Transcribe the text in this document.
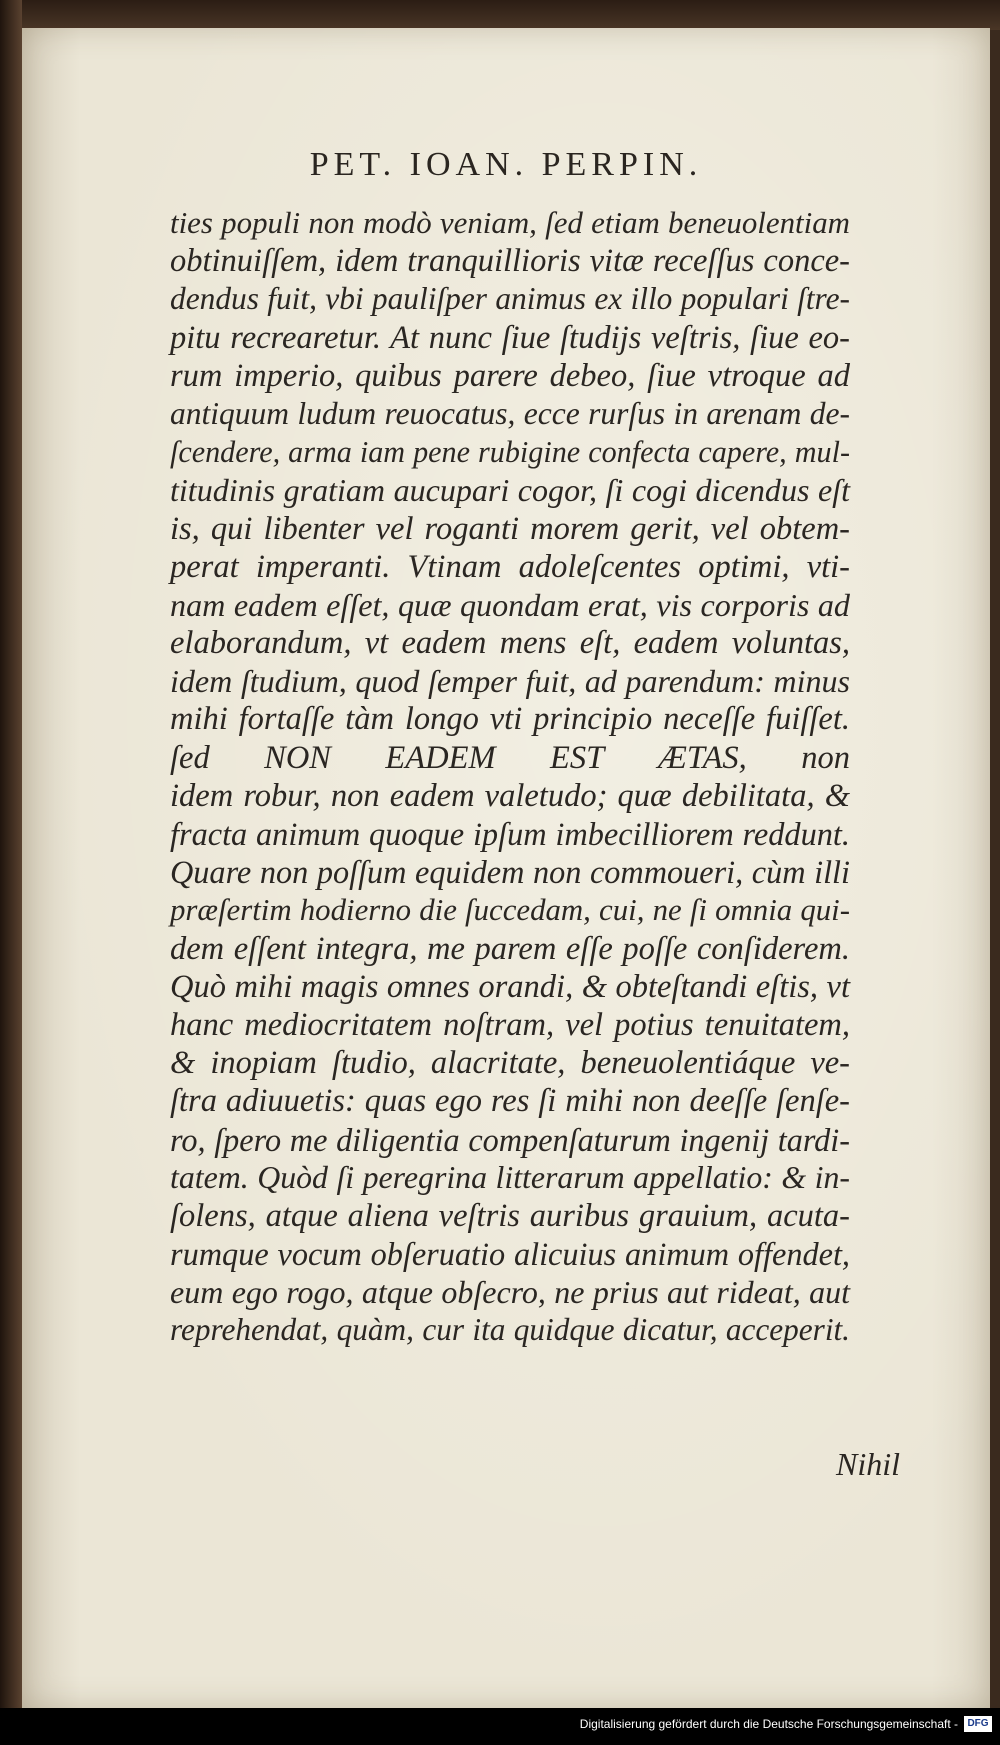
PET. IOAN. PERPIN.
ties populi non modò veniam, ſed etiam beneuolentiam
obtinuiſſem, idem tranquillioris vitæ receſſus conce-
dendus fuit, vbi pauliſper animus ex illo populari ſtre-
pitu recrearetur. At nunc ſiue ſtudijs veſtris, ſiue eo-
rum imperio, quibus parere debeo, ſiue vtroque ad
antiquum ludum reuocatus, ecce rurſus in arenam de-
ſcendere, arma iam pene rubigine confecta capere, mul-
titudinis gratiam aucupari cogor, ſi cogi dicendus eſt
is, qui libenter vel roganti morem gerit, vel obtem-
perat imperanti. Vtinam adoleſcentes optimi, vti-
nam eadem eſſet, quæ quondam erat, vis corporis ad
elaborandum, vt eadem mens eſt, eadem voluntas,
idem ſtudium, quod ſemper fuit, ad parendum: minus
mihi fortaſſe tàm longo vti principio neceſſe fuiſſet.
ſed NON EADEM EST ÆTAS, non
idem robur, non eadem valetudo; quæ debilitata, &
fracta animum quoque ipſum imbecilliorem reddunt.
Quare non poſſum equidem non commoueri, cùm illi
præſertim hodierno die ſuccedam, cui, ne ſi omnia qui-
dem eſſent integra, me parem eſſe poſſe conſiderem.
Quò mihi magis omnes orandi, & obteſtandi eſtis, vt
hanc mediocritatem noſtram, vel potius tenuitatem,
& inopiam ſtudio, alacritate, beneuolentiáque ve-
ſtra adiuuetis: quas ego res ſi mihi non deeſſe ſenſe-
ro, ſpero me diligentia compenſaturum ingenij tardi-
tatem. Quòd ſi peregrina litterarum appellatio: & in-
ſolens, atque aliena veſtris auribus grauium, acuta-
rumque vocum obſeruatio alicuius animum offendet,
eum ego rogo, atque obſecro, ne prius aut rideat, aut
reprehendat, quàm, cur ita quidque dicatur, acceperit.
Nihil
Digitalisierung gefördert durch die Deutsche Forschungsgemeinschaft - DFG
